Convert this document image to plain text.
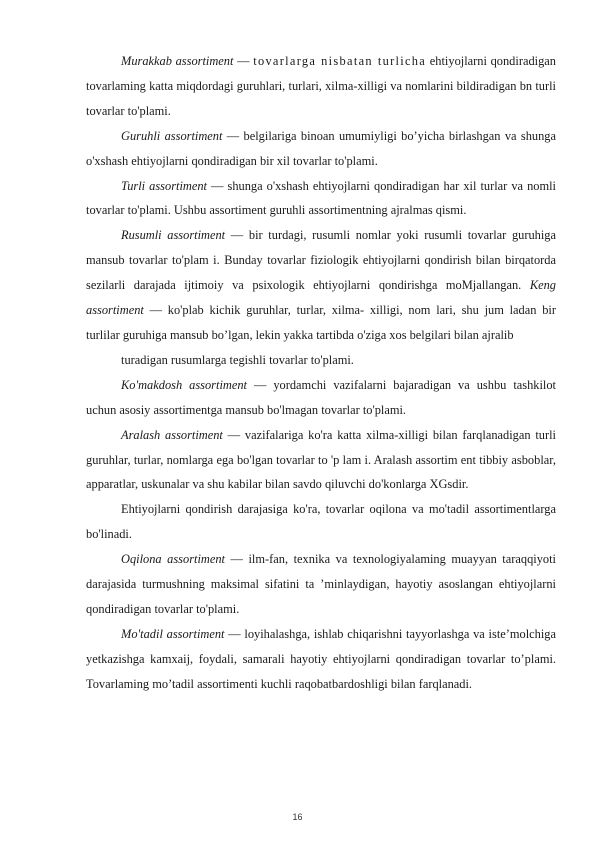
Murakkab assortiment — tovarlarga nisbatan turlicha ehtiyojlarni qondiradigan tovarlaming katta miqdordagi guruhlari, turlari, xilma-xilligi va nomlarini bildiradigan bn turli tovarlar to'plami.

Guruhli assortiment — belgilariga binoan umumiyligi bo’yicha birlashgan va shunga o'xshash ehtiyojlarni qondiradigan bir xil tovarlar to'plami.

Turli assortiment — shunga o'xshash ehtiyojlarni qondiradigan har xil turlar va nomli tovarlar to'plami. Ushbu assortiment guruhli assortimentning ajralmas qismi.

Rusumli assortiment — bir turdagi, rusumli nomlar yoki rusumli tovarlar guruhiga mansub tovarlar to'plam i. Bunday tovarlar fiziologik ehtiyojlarni qondirish bilan birqatorda sezilarli darajada ijtimoiy va psixologik ehtiyojlarni qondirishga moMjallangan. Keng assortiment — ko'plab kichik guruhlar, turlar, xilma- xilligi, nom lari, shu jum ladan bir turlilar guruhiga mansub bo’lgan, lekin yakka tartibda o'ziga xos belgilari bilan ajralib

turadigan rusumlarga tegishli tovarlar to'plami.

Ko'makdosh assortiment — yordamchi vazifalarni bajaradigan va ushbu tashkilot uchun asosiy assortimentga mansub bo'lmagan tovarlar to'plami.

Aralash assortiment — vazifalariga ko'ra katta xilma-xilligi bilan farqlanadigan turli guruhlar, turlar, nomlarga ega bo'lgan tovarlar to 'p lam i. Aralash assortim ent tibbiy asboblar, apparatlar, uskunalar va shu kabilar bilan savdo qiluvchi do'konlarga XGsdir.

Ehtiyojlarni qondirish darajasiga ko'ra, tovarlar oqilona va mo'tadil assortimentlarga bo'linadi.

Oqilona assortiment — ilm-fan, texnika va texnologiyalaming muayyan taraqqiyoti darajasida turmushning maksimal sifatini ta ’minlaydigan, hayotiy asoslangan ehtiyojlarni qondiradigan tovarlar to'plami.

Mo'tadil assortiment — loyihalashga, ishlab chiqarishni tayyorlashga va iste’molchiga yetkazishga kamxaij, foydali, samarali hayotiy ehtiyojlarni qondiradigan tovarlar to’plami. Tovarlaming mo’tadil assortimenti kuchli raqobatbardoshligi bilan farqlanadi.

16
